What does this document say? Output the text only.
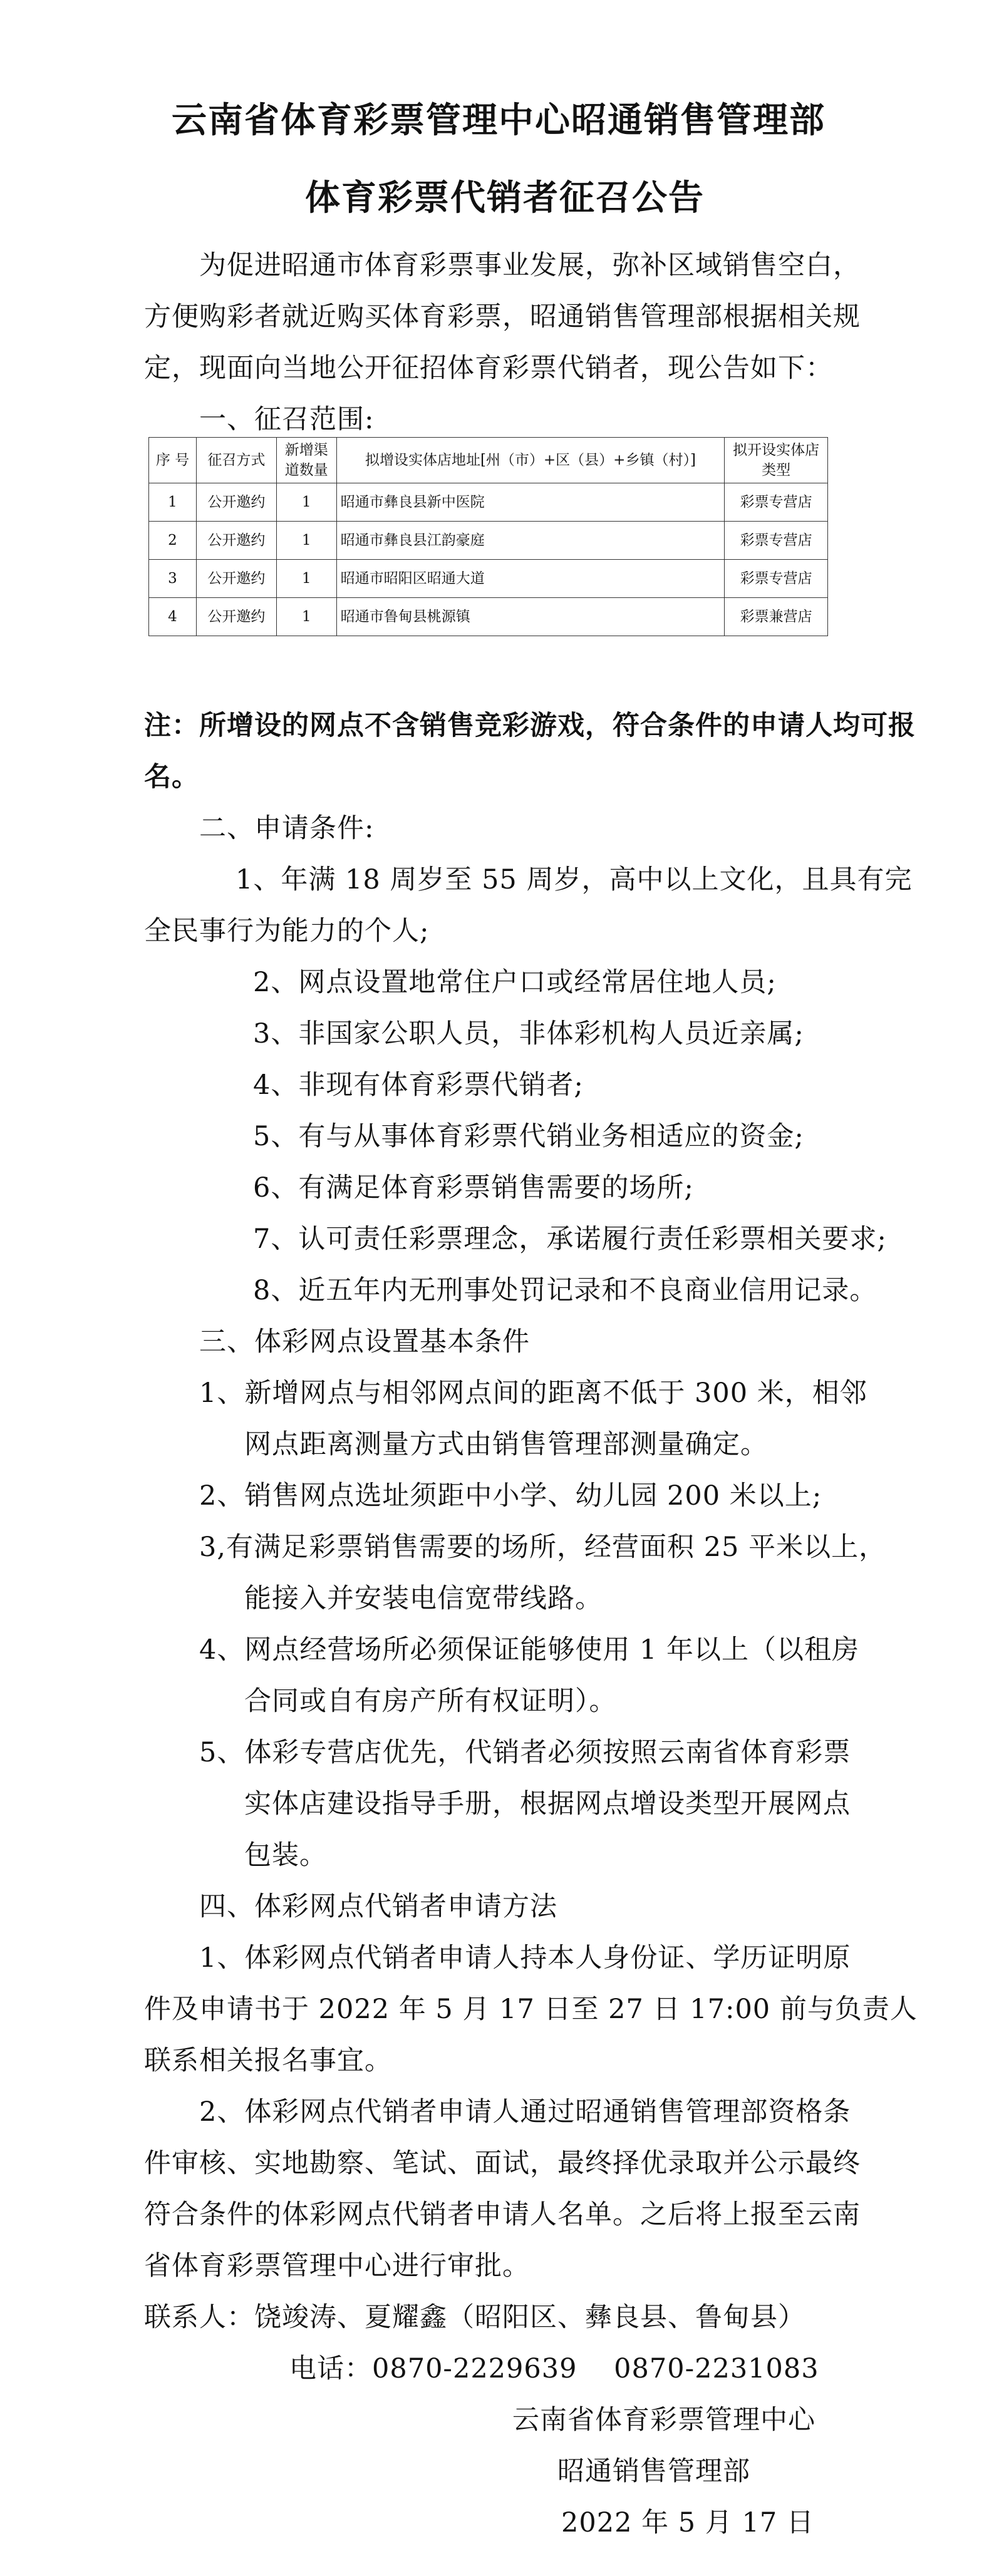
云南省体育彩票管理中心昭通销售管理部
体育彩票代销者征召公告
为促进昭通市体育彩票事业发展，弥补区域销售空白，
方便购彩者就近购买体育彩票，昭通销售管理部根据相关规
定，现面向当地公开征招体育彩票代销者，现公告如下：
一、征召范围:
序 号	征召方式	新增渠道数量	拟增设实体店地址[州（市）+区（县）+乡镇（村）]	拟开设实体店类型
1	公开邀约	1	昭通市彝良县新中医院	彩票专营店
2	公开邀约	1	昭通市彝良县江韵豪庭	彩票专营店
3	公开邀约	1	昭通市昭阳区昭通大道	彩票专营店
4	公开邀约	1	昭通市鲁甸县桃源镇	彩票兼营店
注：所增设的网点不含销售竞彩游戏，符合条件的申请人均可报
名。
二、申请条件:
1、年满 18 周岁至 55 周岁，高中以上文化，且具有完
全民事行为能力的个人;
2、网点设置地常住户口或经常居住地人员;
3、非国家公职人员，非体彩机构人员近亲属;
4、非现有体育彩票代销者;
5、有与从事体育彩票代销业务相适应的资金;
6、有满足体育彩票销售需要的场所;
7、认可责任彩票理念，承诺履行责任彩票相关要求;
8、近五年内无刑事处罚记录和不良商业信用记录。
三、体彩网点设置基本条件
1、新增网点与相邻网点间的距离不低于 300 米，相邻
网点距离测量方式由销售管理部测量确定。
2、销售网点选址须距中小学、幼儿园 200 米以上;
3,有满足彩票销售需要的场所，经营面积 25 平米以上，
能接入并安装电信宽带线路。
4、网点经营场所必须保证能够使用 1 年以上（以租房
合同或自有房产所有权证明）。
5、体彩专营店优先，代销者必须按照云南省体育彩票
实体店建设指导手册，根据网点增设类型开展网点
包装。
四、体彩网点代销者申请方法
1、体彩网点代销者申请人持本人身份证、学历证明原
件及申请书于 2022 年 5 月 17 日至 27 日 17:00 前与负责人
联系相关报名事宜。
2、体彩网点代销者申请人通过昭通销售管理部资格条
件审核、实地勘察、笔试、面试，最终择优录取并公示最终
符合条件的体彩网点代销者申请人名单。之后将上报至云南
省体育彩票管理中心进行审批。
联系人：饶竣涛、夏耀鑫（昭阳区、彝良县、鲁甸县）
电话：0870-2229639    0870-2231083
云南省体育彩票管理中心
昭通销售管理部
2022 年 5 月 17 日
